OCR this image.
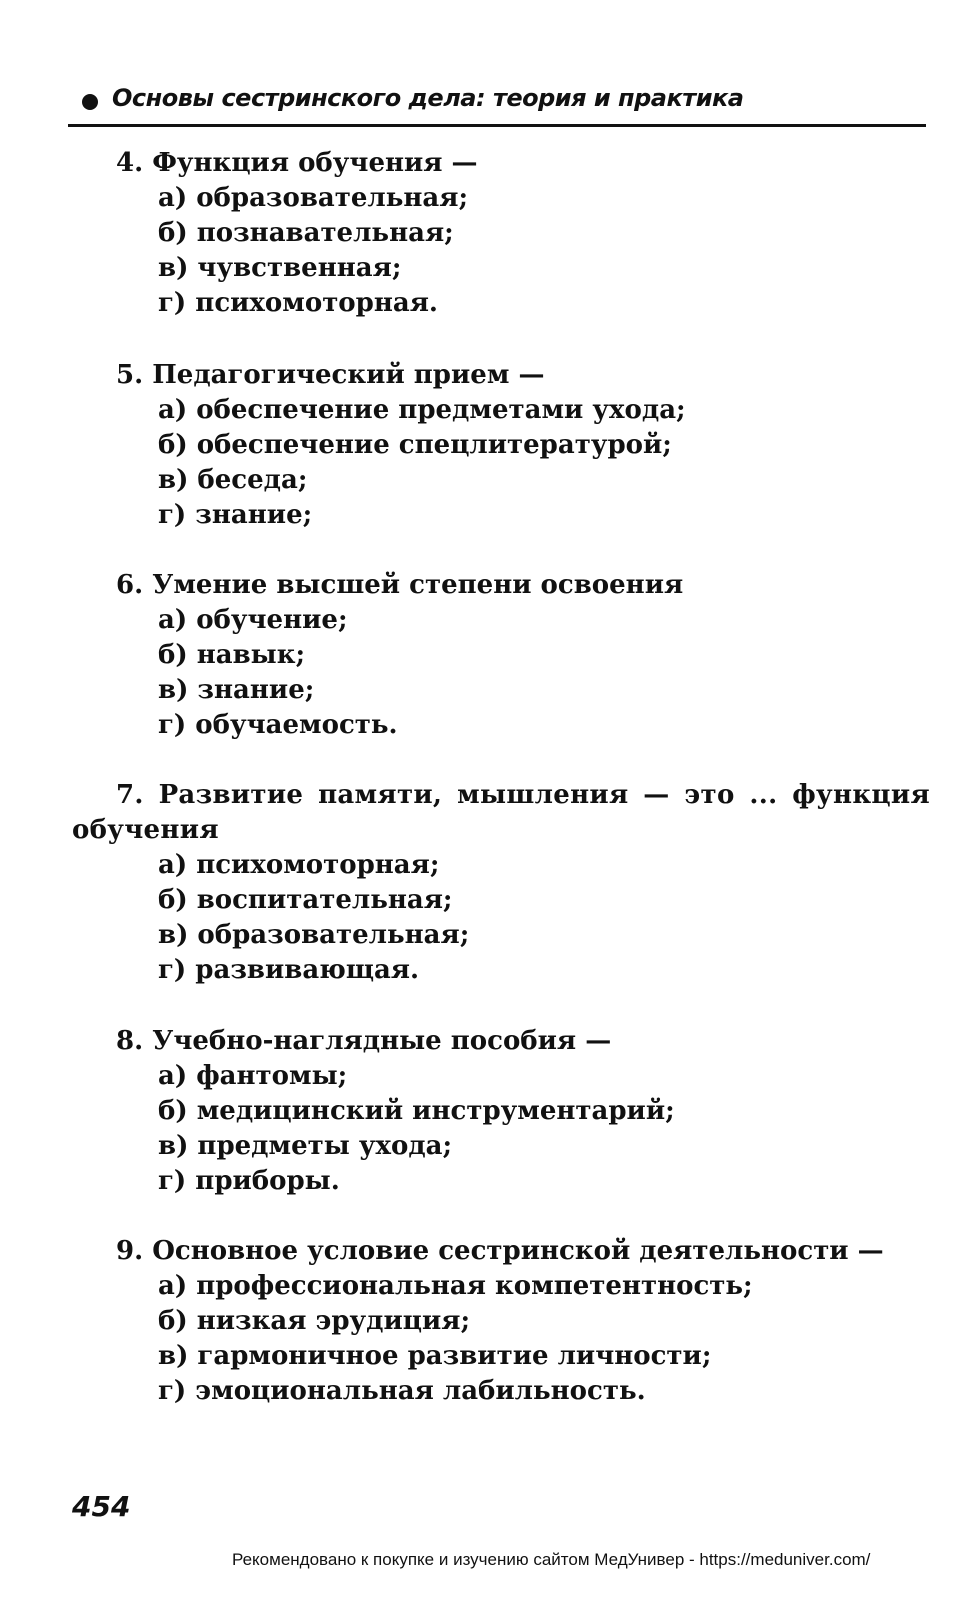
Основы сестринского дела: теория и практика
4. Функция обучения —
а) образовательная;
б) познавательная;
в) чувственная;
г) психомоторная.
5. Педагогический прием —
а) обеспечение предметами ухода;
б) обеспечение спецлитературой;
в) беседа;
г) знание;
6. Умение высшей степени освоения
а) обучение;
б) навык;
в) знание;
г) обучаемость.
7. Развитие памяти, мышления — это ... функция обучения
а) психомоторная;
б) воспитательная;
в) образовательная;
г) развивающая.
8. Учебно-наглядные пособия —
а) фантомы;
б) медицинский инструментарий;
в) предметы ухода;
г) приборы.
9. Основное условие сестринской деятельности —
а) профессиональная компетентность;
б) низкая эрудиция;
в) гармоничное развитие личности;
г) эмоциональная лабильность.
454
Рекомендовано к покупке и изучению сайтом МедУнивер - https://meduniver.com/
